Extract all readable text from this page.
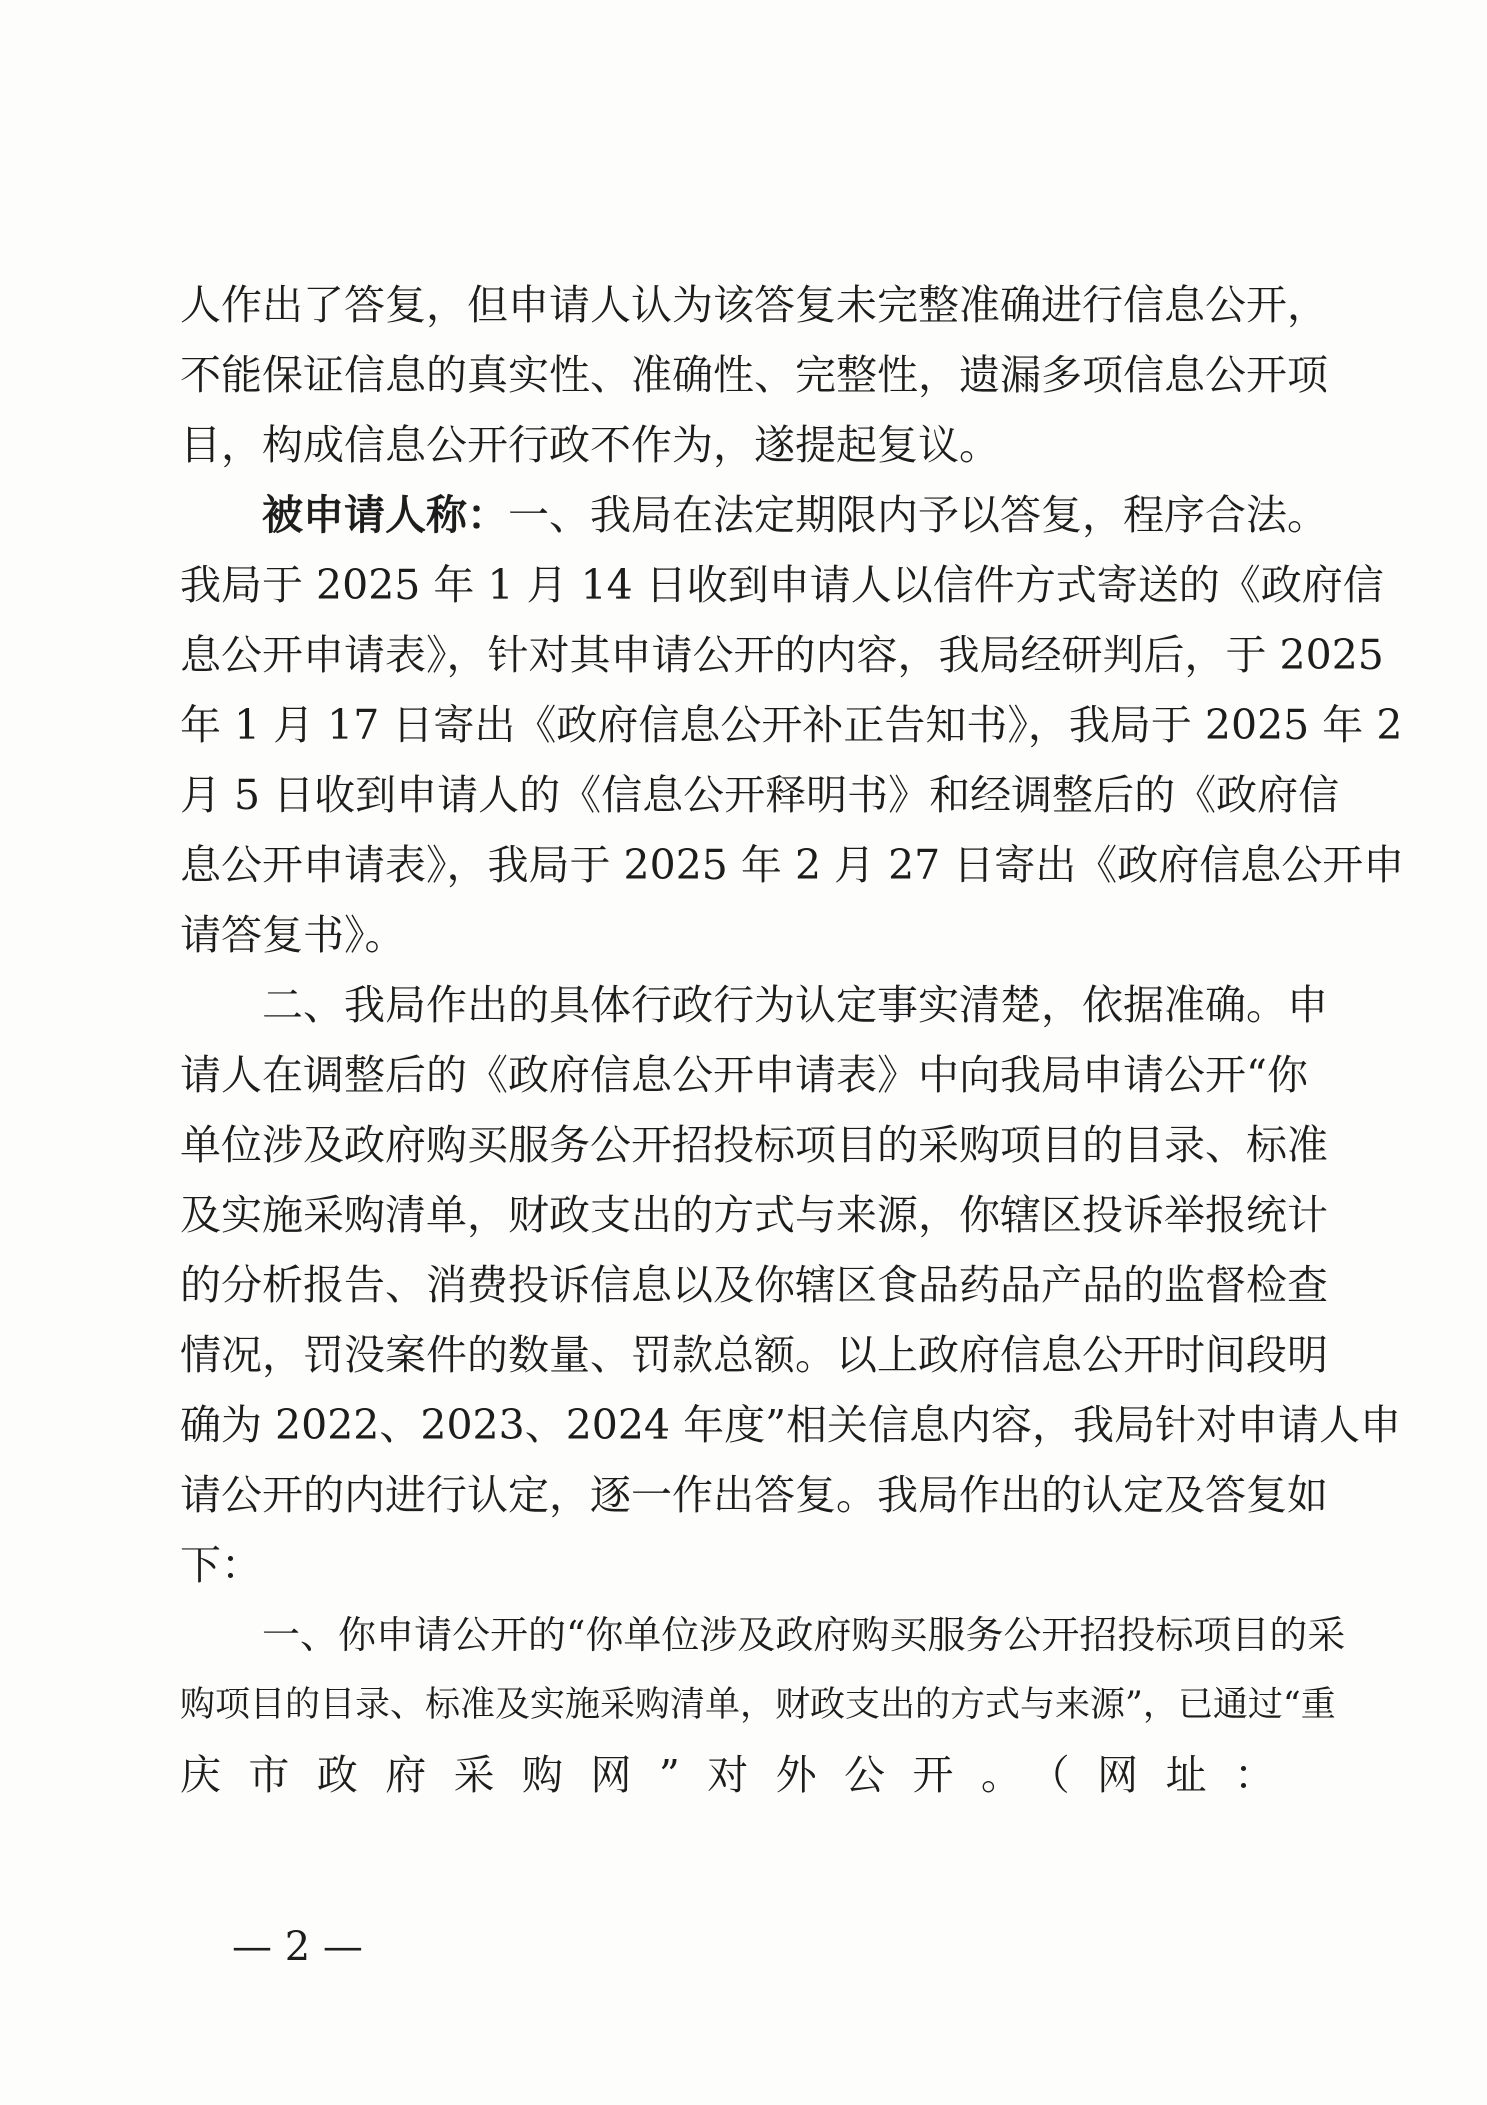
人作出了答复，但申请人认为该答复未完整准确进行信息公开，
不能保证信息的真实性、准确性、完整性，遗漏多项信息公开项
目，构成信息公开行政不作为，遂提起复议。
被申请人称：一、我局在法定期限内予以答复，程序合法。
我局于 2025 年 1 月 14 日收到申请人以信件方式寄送的《政府信
息公开申请表》，针对其申请公开的内容，我局经研判后，于 2025
年 1 月 17 日寄出《政府信息公开补正告知书》，我局于 2025 年 2
月 5 日收到申请人的《信息公开释明书》和经调整后的《政府信
息公开申请表》，我局于 2025 年 2 月 27 日寄出《政府信息公开申
请答复书》。
二、我局作出的具体行政行为认定事实清楚，依据准确。申
请人在调整后的《政府信息公开申请表》中向我局申请公开“你
单位涉及政府购买服务公开招投标项目的采购项目的目录、标准
及实施采购清单，财政支出的方式与来源，你辖区投诉举报统计
的分析报告、消费投诉信息以及你辖区食品药品产品的监督检查
情况，罚没案件的数量、罚款总额。以上政府信息公开时间段明
确为 2022、2023、2024 年度”相关信息内容，我局针对申请人申
请公开的内进行认定，逐一作出答复。我局作出的认定及答复如
下：
一、你申请公开的“你单位涉及政府购买服务公开招投标项目的采
购项目的目录、标准及实施采购清单，财政支出的方式与来源”，已通过“重
庆市政府采购网”对外公开。（网址：
— 2 —
